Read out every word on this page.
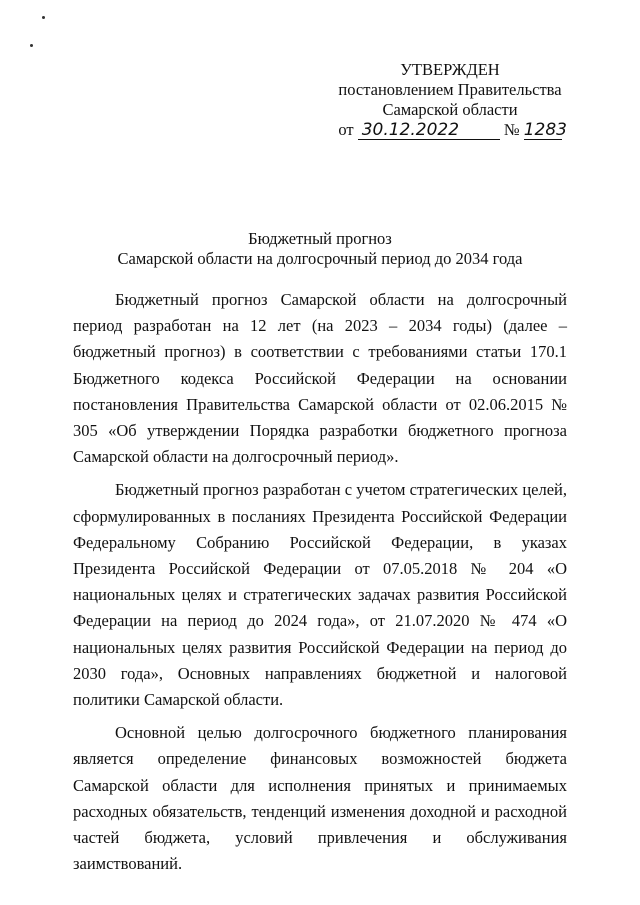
УТВЕРЖДЕН
постановлением Правительства
Самарской области
от 30.12.2022	№ 1283
Бюджетный прогноз
Самарской области на долгосрочный период до 2034 года

Бюджетный прогноз Самарской области на долгосрочный период разработан на 12 лет (на 2023 – 2034 годы) (далее – бюджетный прогноз) в соответствии с требованиями статьи 170.1 Бюджетного кодекса Российской Федерации на основании постановления Правительства Самарской области от 02.06.2015 № 305 «Об утверждении Порядка разработки бюджетного прогноза Самарской области на долгосрочный период».

Бюджетный прогноз разработан с учетом стратегических целей, сформулированных в посланиях Президента Российской Федерации Федеральному Собранию Российской Федерации, в указах Президента Российской Федерации от 07.05.2018 № 204 «О национальных целях и стратегических задачах развития Российской Федерации на период до 2024 года», от 21.07.2020 № 474 «О национальных целях развития Российской Федерации на период до 2030 года», Основных направлениях бюджетной и налоговой политики Самарской области.

Основной целью долгосрочного бюджетного планирования является определение финансовых возможностей бюджета Самарской области для исполнения принятых и принимаемых расходных обязательств, тенденций изменения доходной и расходной частей бюджета, условий привлечения и обслуживания заимствований.
